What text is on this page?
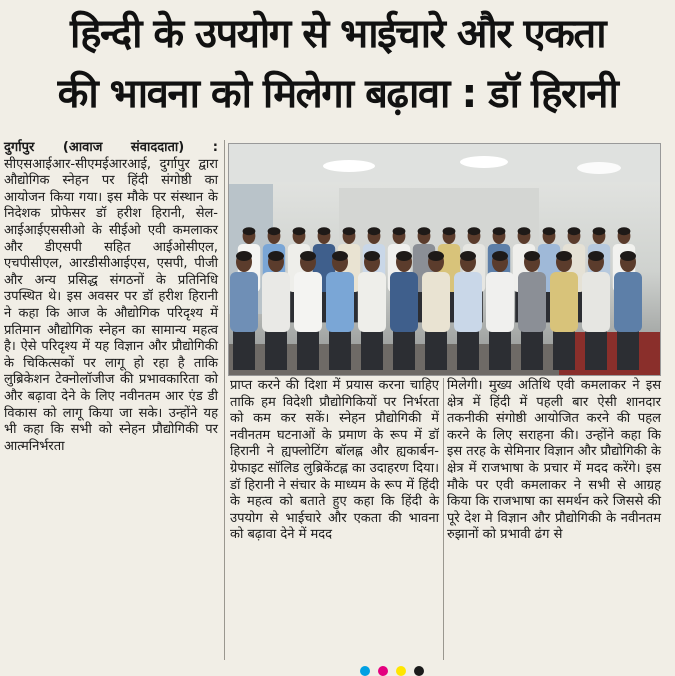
हिन्दी के उपयोग से भाईचारे और एकता
की भावना को मिलेगा बढ़ावा : डॉ हिरानी

दुर्गापुर (आवाज संवाददाता) : सीएसआईआर-सीएमईआरआई, दुर्गापुर द्वारा औद्योगिक स्नेहन पर हिंदी संगोष्ठी का आयोजन किया गया। इस मौके पर संस्थान के निदेशक प्रोफेसर डॉ हरीश हिरानी, सेल-आईआईएससीओ के सीईओ एवी कमलाकर और डीएसपी सहित आईओसीएल, एचपीसीएल, आरडीसीआईएस, एसपी, पीजी और अन्य प्रसिद्ध संगठनों के प्रतिनिधि उपस्थित थे। इस अवसर पर डॉ हरीश हिरानी ने कहा कि आज के औद्योगिक परिदृश्य में प्रतिमान औद्योगिक स्नेहन का सामान्य महत्व है। ऐसे परिदृश्य में यह विज्ञान और प्रौद्योगिकी के चिकित्सकों पर लागू हो रहा है ताकि लुब्रिकेशन टेक्नोलॉजीज की प्रभावकारिता को और बढ़ावा देने के लिए नवीनतम आर एंड डी विकास को लागू किया जा सके। उन्होंने यह भी कहा कि सभी को स्नेहन प्रौद्योगिकी पर आत्मनिर्भरता

प्राप्त करने की दिशा में प्रयास करना चाहिए ताकि हम विदेशी प्रौद्योगिकियों पर निर्भरता को कम कर सकें। स्नेहन प्रौद्योगिकी में नवीनतम घटनाओं के प्रमाण के रूप में डॉ हिरानी ने ह्यफ्लोटिंग बॉलह्ल और ह्यकार्बन-ग्रेफाइट सॉलिड लुब्रिकेंटह्ल का उदाहरण दिया। डॉ हिरानी ने संचार के माध्यम के रूप में हिंदी के महत्व को बताते हुए कहा कि हिंदी के उपयोग से भाईचारे और एकता की भावना को बढ़ावा देने में मदद

मिलेगी। मुख्य अतिथि एवी कमलाकर ने इस क्षेत्र में हिंदी में पहली बार ऐसी शानदार तकनीकी संगोष्ठी आयोजित करने की पहल करने के लिए सराहना की। उन्होंने कहा कि इस तरह के सेमिनार विज्ञान और प्रौद्योगिकी के क्षेत्र में राजभाषा के प्रचार में मदद करेंगे। इस मौके पर एवी कमलाकर ने सभी से आग्रह किया कि राजभाषा का समर्थन करे जिससे की पूरे देश मे विज्ञान और प्रौद्योगिकी के नवीनतम रुझानों को प्रभावी ढंग से
